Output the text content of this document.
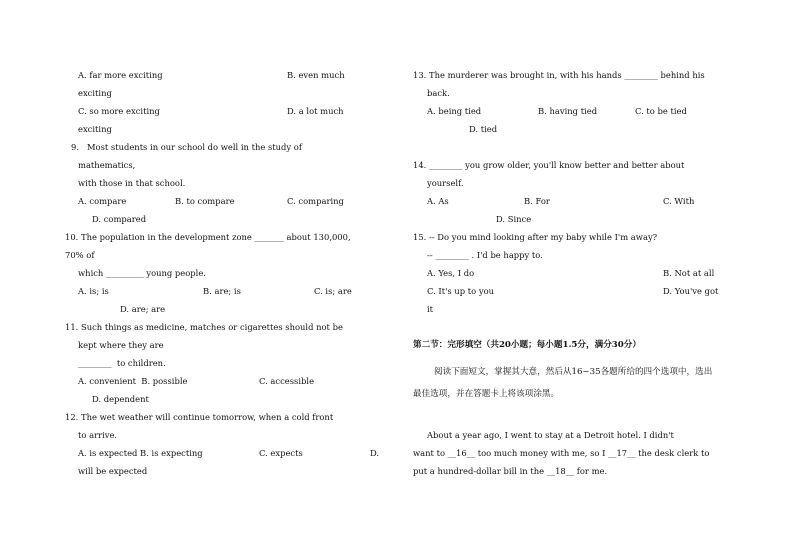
A. far more exciting	B. even much
exciting
C. so more exciting	D. a lot much
exciting
9.   Most students in our school do well in the study of
mathematics,
with those in that school.
A. compare	B. to compare	C. comparing
D. compared
10. The population in the development zone _______ about 130,000,
70% of
which _________ young people.
A. is; is	B. are; is	C. is; are
D. are; are
11. Such things as medicine, matches or cigarettes should not be
kept where they are
________  to children.
A. convenient  B. possible	C. accessible
D. dependent
12. The wet weather will continue tomorrow, when a cold front
to arrive.
A. is expected B. is expecting	C. expects	D.
will be expected
13. The murderer was brought in, with his hands ________ behind his
back.
A. being tied	B. having tied	C. to be tied
D. tied
14. ________ you grow older, you'll know better and better about
yourself.
A. As	B. For	C. With
D. Since
15. -- Do you mind looking after my baby while I'm away?
-- ________ . I'd be happy to.
A. Yes, I do	B. Not at all
C. It's up to you	D. You've got
it
第二节：完形填空（共20小题；每小题1.5分，满分30分）
阅读下面短文，掌握其大意，然后从16~35各题所给的四个选项中，选出
最佳选项，并在答题卡上将该项涂黑。
About a year ago, I went to stay at a Detroit hotel. I didn't
want to __16__ too much money with me, so I __17__ the desk clerk to
put a hundred-dollar bill in the __18__ for me.
